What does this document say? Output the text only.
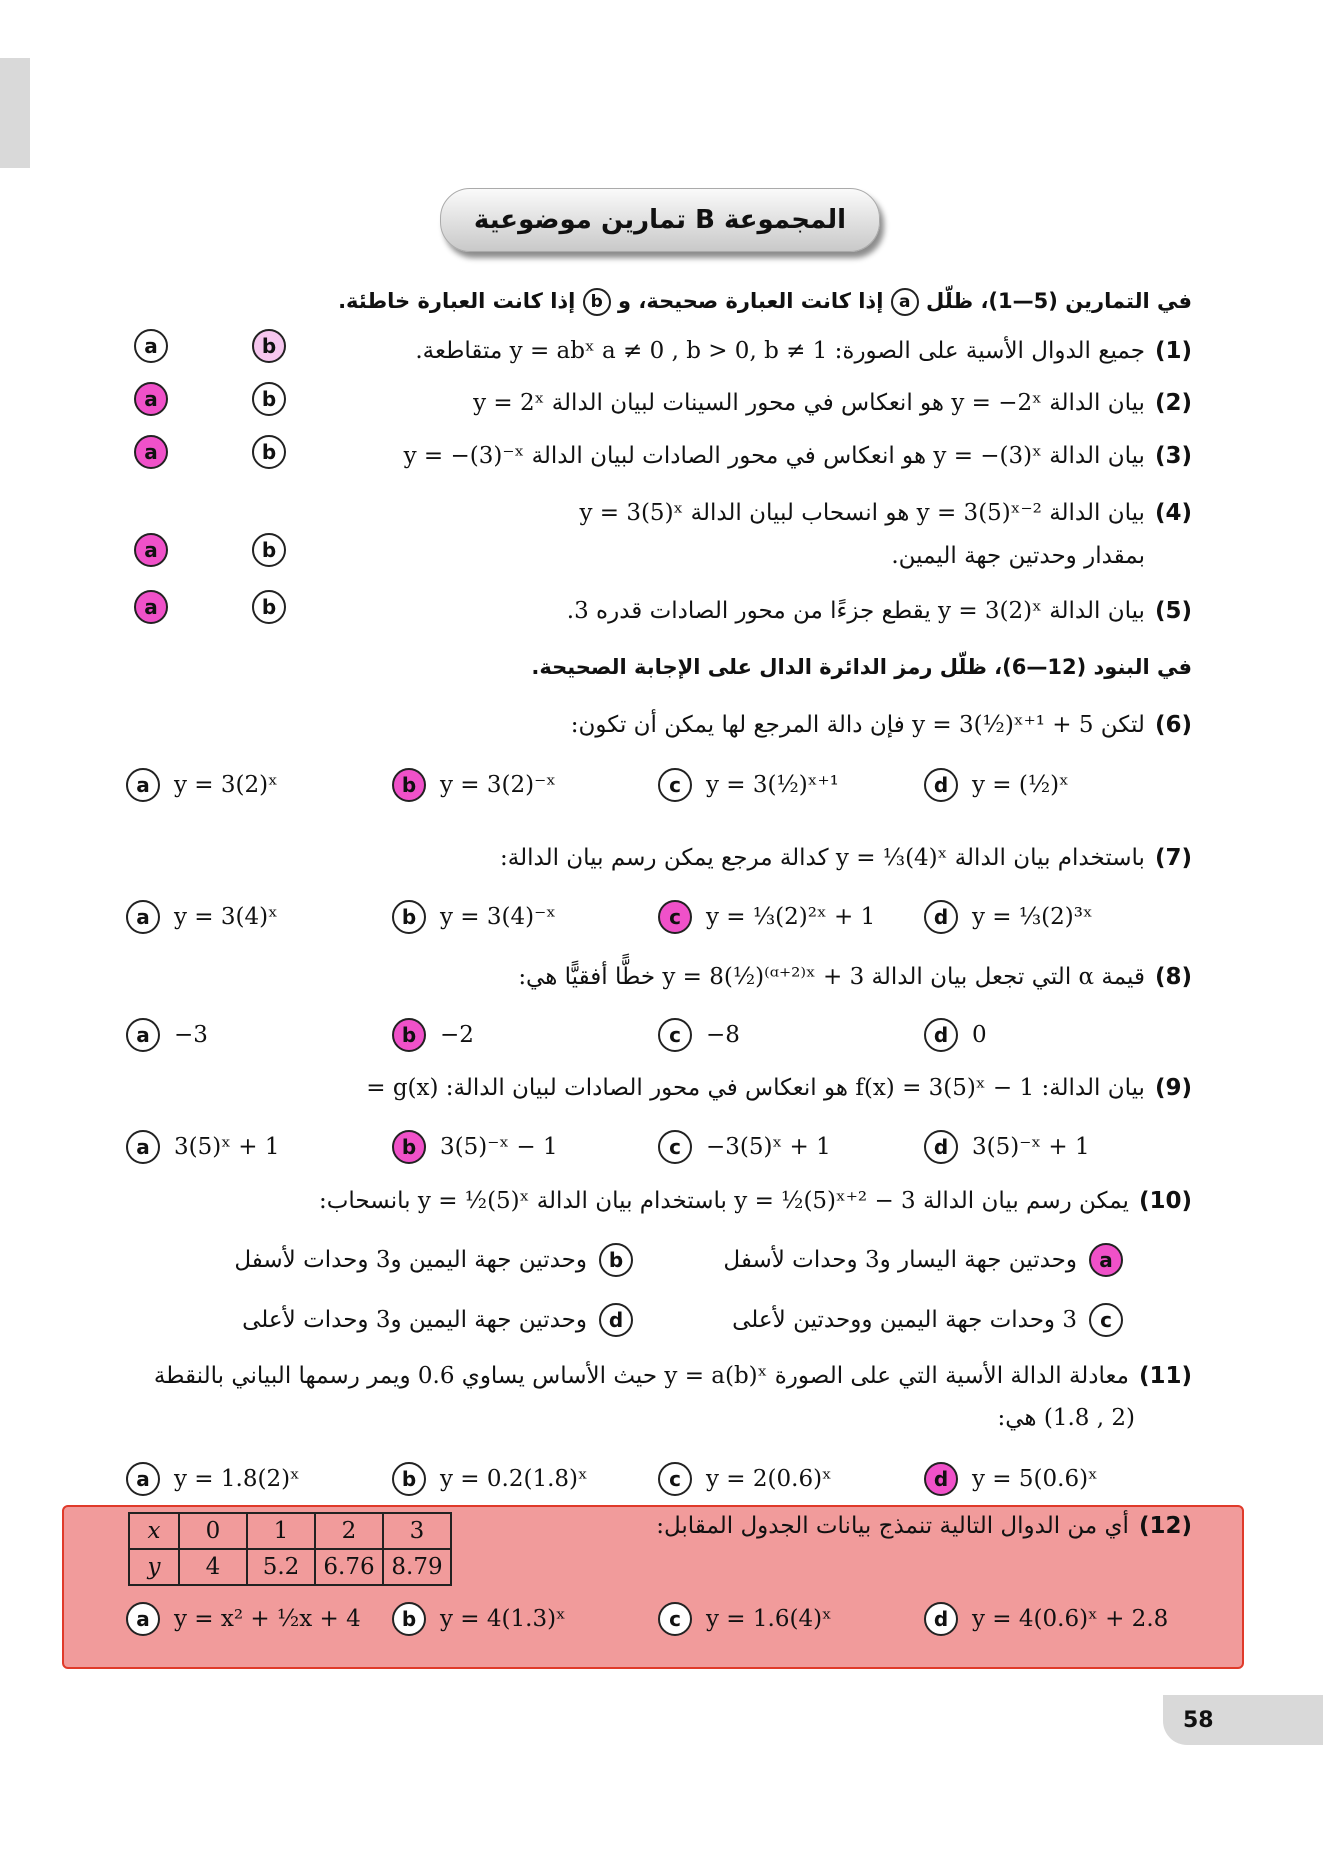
المجموعة B تمارين موضوعية
في التمارين (5—1)، ظلّل a إذا كانت العبارة صحيحة، و b إذا كانت العبارة خاطئة.
(1)جميع الدوال الأسية على الصورة: y = abˣ a ≠ 0 , b > 0, b ≠ 1 متقاطعة.
(2)بيان الدالة y = −2ˣ هو انعكاس في محور السينات لبيان الدالة y = 2ˣ
(3)بيان الدالة y = −(3)ˣ هو انعكاس في محور الصادات لبيان الدالة y = −(3)⁻ˣ
(4)بيان الدالة y = 3(5)ˣ⁻² هو انسحاب لبيان الدالة y = 3(5)ˣ
بمقدار وحدتين جهة اليمين.
(5)بيان الدالة y = 3(2)ˣ يقطع جزءًا من محور الصادات قدره 3.
a	b
a	b
a	b
a	b
a	b
في البنود (12—6)، ظلّل رمز الدائرة الدال على الإجابة الصحيحة.
(6)لتكن y = 3(½)ˣ⁺¹ + 5 فإن دالة المرجع لها يمكن أن تكون:
a	y = 3(2)ˣ	b	y = 3(2)⁻ˣ	c	y = 3(½)ˣ⁺¹	d	y = (½)ˣ
(7)باستخدام بيان الدالة y = ⅓(4)ˣ كدالة مرجع يمكن رسم بيان الدالة:
a	y = 3(4)ˣ	b	y = 3(4)⁻ˣ	c	y = ⅓(2)²ˣ + 1	d	y = ⅓(2)³ˣ
(8)قيمة α التي تجعل بيان الدالة y = 8(½)⁽ᵅ⁺²⁾ˣ + 3 خطًّا أفقيًّا هي:
a	−3	b	−2	c	−8	d	0
(9)بيان الدالة: f(x) = 3(5)ˣ − 1 هو انعكاس في محور الصادات لبيان الدالة: g(x) =
a	3(5)ˣ + 1	b	3(5)⁻ˣ − 1	c	−3(5)ˣ + 1	d	3(5)⁻ˣ + 1
(10)يمكن رسم بيان الدالة y = ½(5)ˣ⁺² − 3 باستخدام بيان الدالة y = ½(5)ˣ بانسحاب:
a
وحدتين جهة اليسار و3 وحدات لأسفل
b
وحدتين جهة اليمين و3 وحدات لأسفل
c
3 وحدات جهة اليمين ووحدتين لأعلى
d
وحدتين جهة اليمين و3 وحدات لأعلى
(11)معادلة الدالة الأسية التي على الصورة y = a(b)ˣ حيث الأساس يساوي 0.6 ويمر رسمها البياني بالنقطة
(2 , 1.8) هي:
a	y = 1.8(2)ˣ	b	y = 0.2(1.8)ˣ	c	y = 2(0.6)ˣ	d	y = 5(0.6)ˣ
x	0	1	2	3
y	4	5.2	6.76	8.79
(12)أي من الدوال التالية تنمذج بيانات الجدول المقابل:
a	y = x² + ½x + 4	b	y = 4(1.3)ˣ	c	y = 1.6(4)ˣ	d	y = 4(0.6)ˣ + 2.8
58
